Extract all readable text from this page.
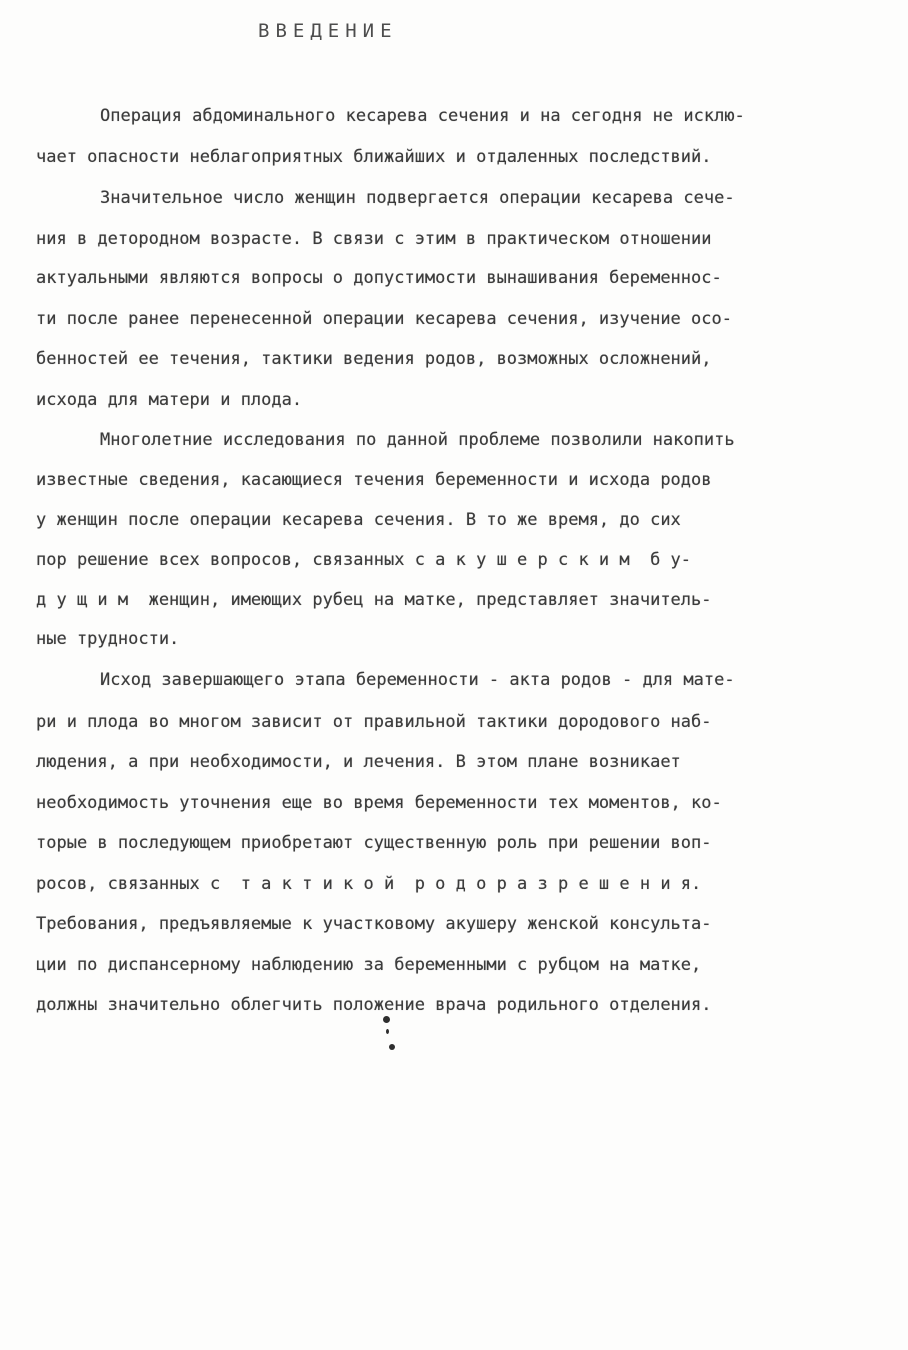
ВВЕДЕНИЕ
Операция абдоминального кесарева сечения и на сегодня не исклю-
чает опасности неблагоприятных ближайших и отдаленных последствий.
Значительное число женщин подвергается операции кесарева сече-
ния в детородном возрасте. В связи с этим в практическом отношении
актуальными являются вопросы о допустимости вынашивания беременнос-
ти после ранее перенесенной операции кесарева сечения, изучение осо-
бенностей ее течения, тактики ведения родов, возможных осложнений,
исхода для матери и плода.
Многолетние исследования по данной проблеме позволили накопить
известные сведения, касающиеся течения беременности и исхода родов
у женщин после операции кесарева сечения. В то же время, до сих
пор решение всех вопросов, связанных с а к у ш е р с к и м  б у-
д у щ и м  женщин, имеющих рубец на матке, представляет значитель-
ные трудности.
Исход завершающего этапа беременности - акта родов - для мате-
ри и плода во многом зависит от правильной тактики дородового наб-
людения, а при необходимости, и лечения. В этом плане возникает
необходимость уточнения еще во время беременности тех моментов, ко-
торые в последующем приобретают существенную роль при решении воп-
росов, связанных с  т а к т и к о й  р о д о р а з р е ш е н и я.
Требования, предъявляемые к участковому акушеру женской консульта-
ции по диспансерному наблюдению за беременными с рубцом на матке,
должны значительно облегчить положение врача родильного отделения.
